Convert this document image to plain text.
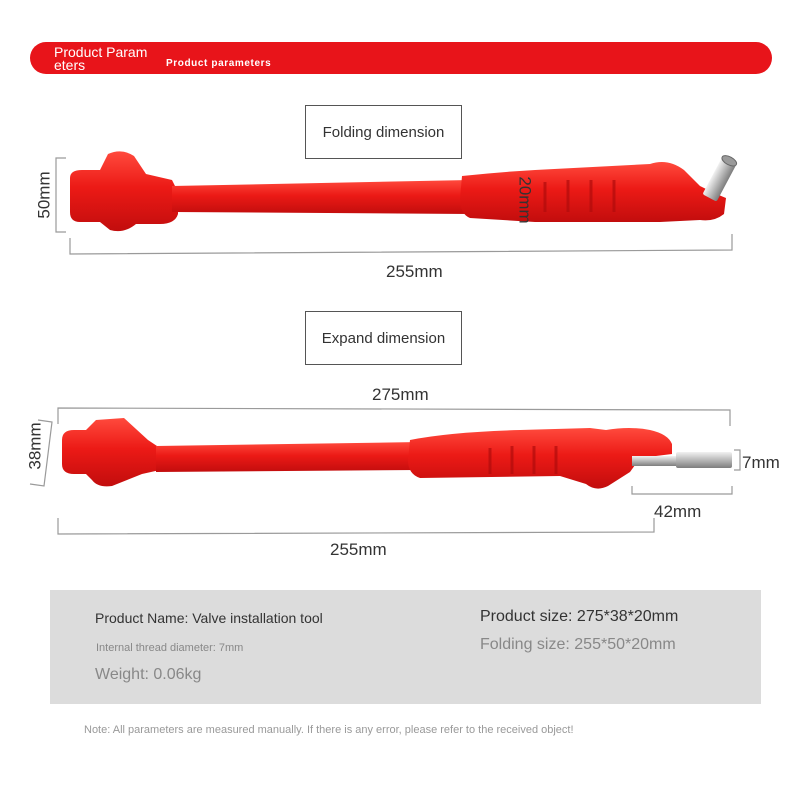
Product Parameters	Product parameters
Folding dimension
Expand dimension
50mm	20mm
255mm
275mm
38mm	7mm
42mm
255mm
Product Name: Valve installation tool
Internal thread diameter: 7mm
Weight: 0.06kg
Product size: 275*38*20mm
Folding size: 255*50*20mm
Note: All parameters are measured manually. If there is any error, please refer to the received object!
